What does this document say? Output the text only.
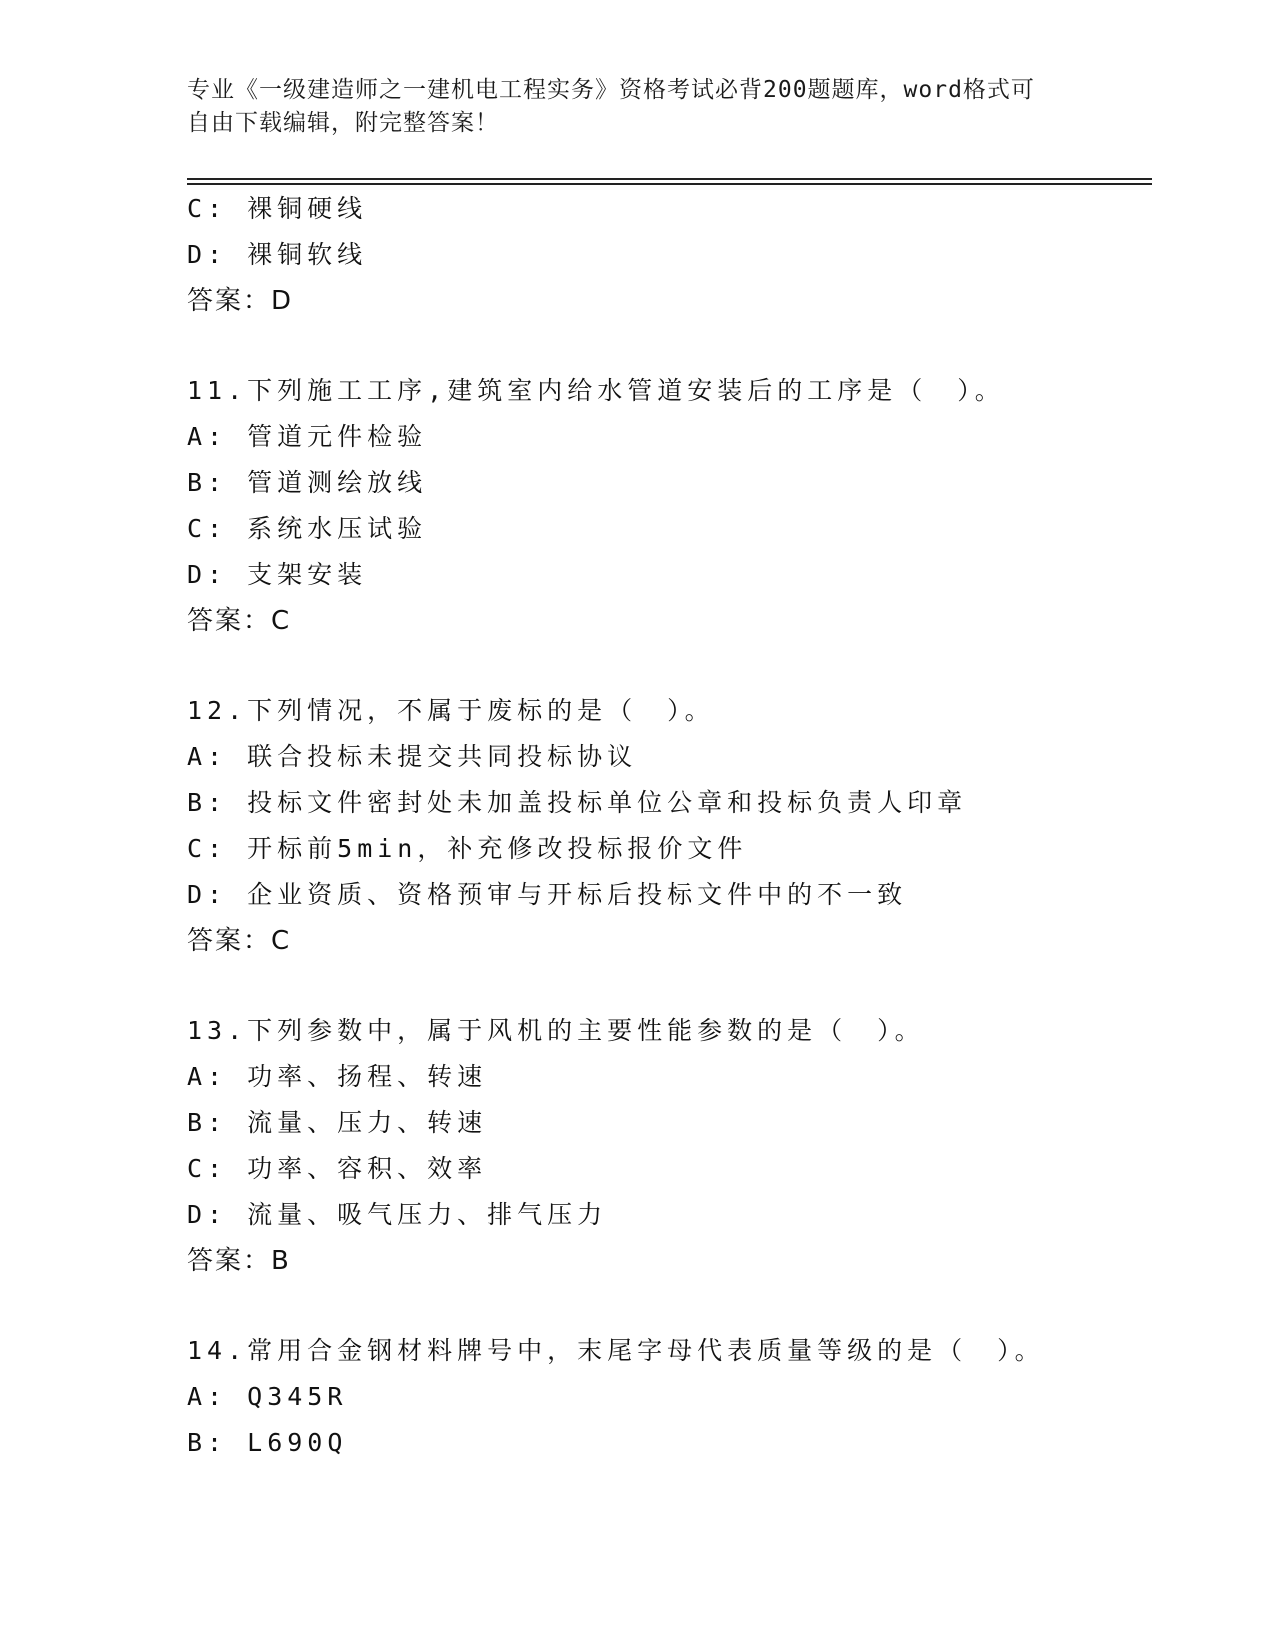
专业《一级建造师之一建机电工程实务》资格考试必背200题题库，word格式可
自由下载编辑，附完整答案！
C: 裸铜硬线
D: 裸铜软线
答案：D
11.下列施工工序,建筑室内给水管道安装后的工序是（　）。
A: 管道元件检验
B: 管道测绘放线
C: 系统水压试验
D: 支架安装
答案：C
12.下列情况，不属于废标的是（　）。
A: 联合投标未提交共同投标协议
B: 投标文件密封处未加盖投标单位公章和投标负责人印章
C: 开标前5min，补充修改投标报价文件
D: 企业资质、资格预审与开标后投标文件中的不一致
答案：C
13.下列参数中，属于风机的主要性能参数的是（　）。
A: 功率、扬程、转速
B: 流量、压力、转速
C: 功率、容积、效率
D: 流量、吸气压力、排气压力
答案：B
14.常用合金钢材料牌号中，末尾字母代表质量等级的是（　）。
A: Q345R
B: L690Q
